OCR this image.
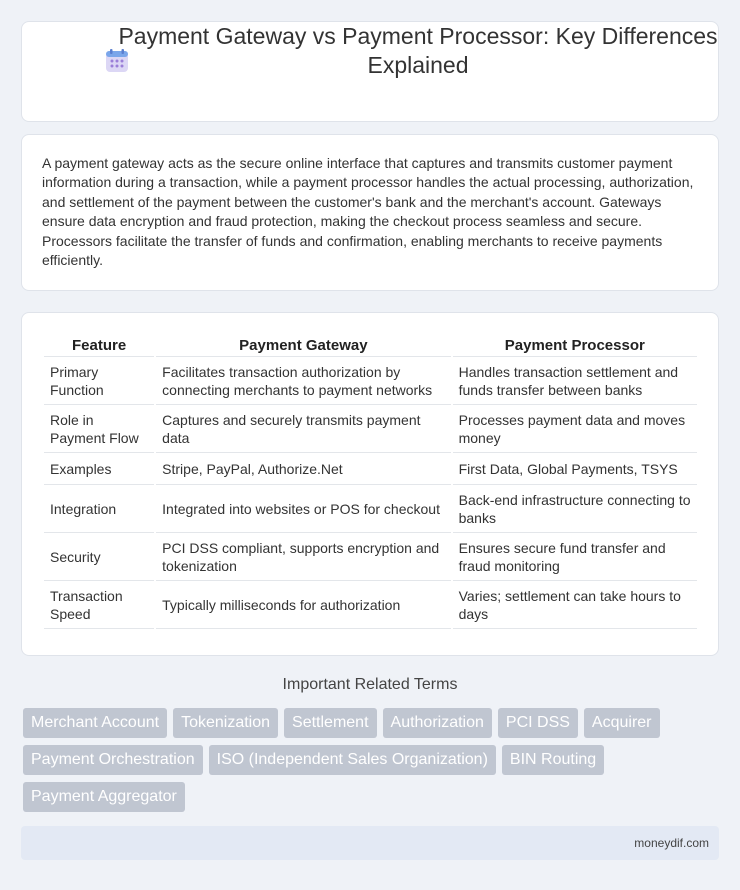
Payment Gateway vs Payment Processor: Key Differences Explained

A payment gateway acts as the secure online interface that captures and transmits customer payment information during a transaction, while a payment processor handles the actual processing, authorization, and settlement of the payment between the customer's bank and the merchant's account. Gateways ensure data encryption and fraud protection, making the checkout process seamless and secure. Processors facilitate the transfer of funds and confirmation, enabling merchants to receive payments efficiently.

Feature	Payment Gateway	Payment Processor
Primary Function	Facilitates transaction authorization by connecting merchants to payment networks	Handles transaction settlement and funds transfer between banks
Role in Payment Flow	Captures and securely transmits payment data	Processes payment data and moves money
Examples	Stripe, PayPal, Authorize.Net	First Data, Global Payments, TSYS
Integration	Integrated into websites or POS for checkout	Back-end infrastructure connecting to banks
Security	PCI DSS compliant, supports encryption and tokenization	Ensures secure fund transfer and fraud monitoring
Transaction Speed	Typically milliseconds for authorization	Varies; settlement can take hours to days
Important Related Terms
Merchant Account	Tokenization	Settlement	Authorization	PCI DSS	Acquirer
Payment Orchestration	ISO (Independent Sales Organization)	BIN Routing
Payment Aggregator
moneydif.com
